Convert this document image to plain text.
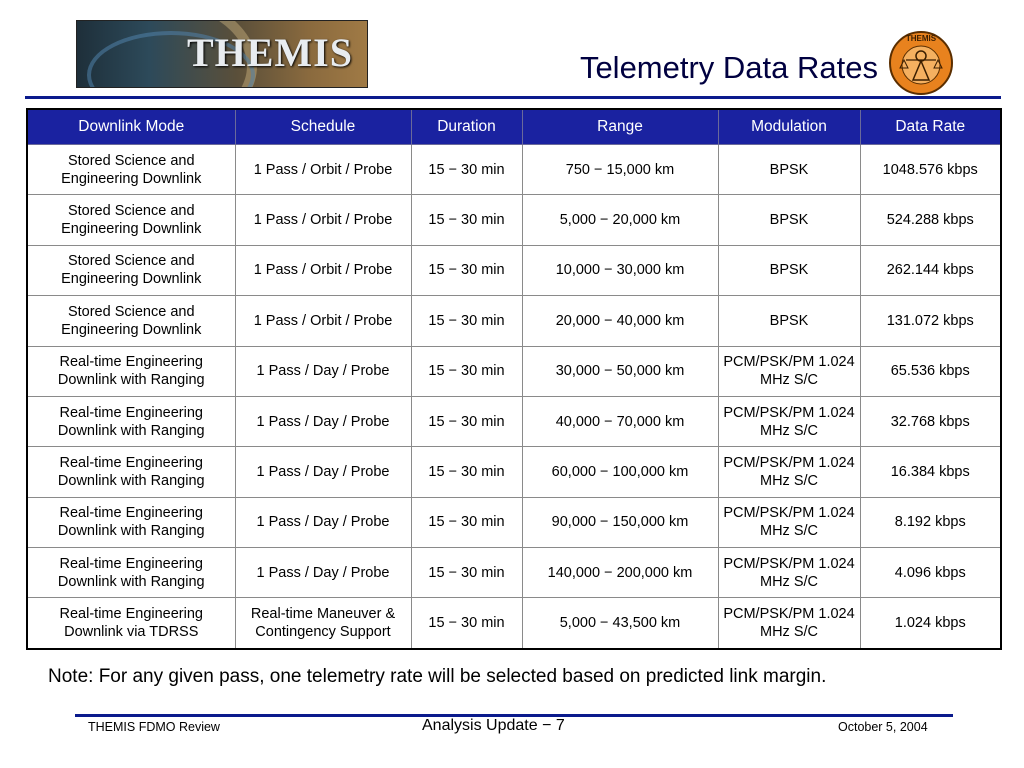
THEMIS	Telemetry Data Rates
THEMIS
Downlink Mode	Schedule	Duration	Range	Modulation	Data Rate
Stored Science and Engineering Downlink	1 Pass / Orbit / Probe	15 − 30 min	750 − 15,000 km	BPSK	1048.576 kbps
Stored Science and Engineering Downlink	1 Pass / Orbit / Probe	15 − 30 min	5,000 − 20,000 km	BPSK	524.288 kbps
Stored Science and Engineering Downlink	1 Pass / Orbit / Probe	15 − 30 min	10,000 − 30,000 km	BPSK	262.144 kbps
Stored Science and Engineering Downlink	1 Pass / Orbit / Probe	15 − 30 min	20,000 − 40,000 km	BPSK	131.072 kbps
Real-time Engineering Downlink with Ranging	1 Pass / Day / Probe	15 − 30 min	30,000 − 50,000 km	PCM/PSK/PM 1.024 MHz S/C	65.536 kbps
Real-time Engineering Downlink with Ranging	1 Pass / Day / Probe	15 − 30 min	40,000 − 70,000 km	PCM/PSK/PM 1.024 MHz S/C	32.768 kbps
Real-time Engineering Downlink with Ranging	1 Pass / Day / Probe	15 − 30 min	60,000 − 100,000 km	PCM/PSK/PM 1.024 MHz S/C	16.384 kbps
Real-time Engineering Downlink with Ranging	1 Pass / Day / Probe	15 − 30 min	90,000 − 150,000 km	PCM/PSK/PM 1.024 MHz S/C	8.192 kbps
Real-time Engineering Downlink with Ranging	1 Pass / Day / Probe	15 − 30 min	140,000 − 200,000 km	PCM/PSK/PM 1.024 MHz S/C	4.096 kbps
Real-time Engineering Downlink via TDRSS	Real-time Maneuver & Contingency Support	15 − 30 min	5,000 − 43,500 km	PCM/PSK/PM 1.024 MHz S/C	1.024 kbps
Note: For any given pass, one telemetry rate will be selected based on predicted link margin.
THEMIS FDMO Review	Analysis Update − 7	October 5, 2004
